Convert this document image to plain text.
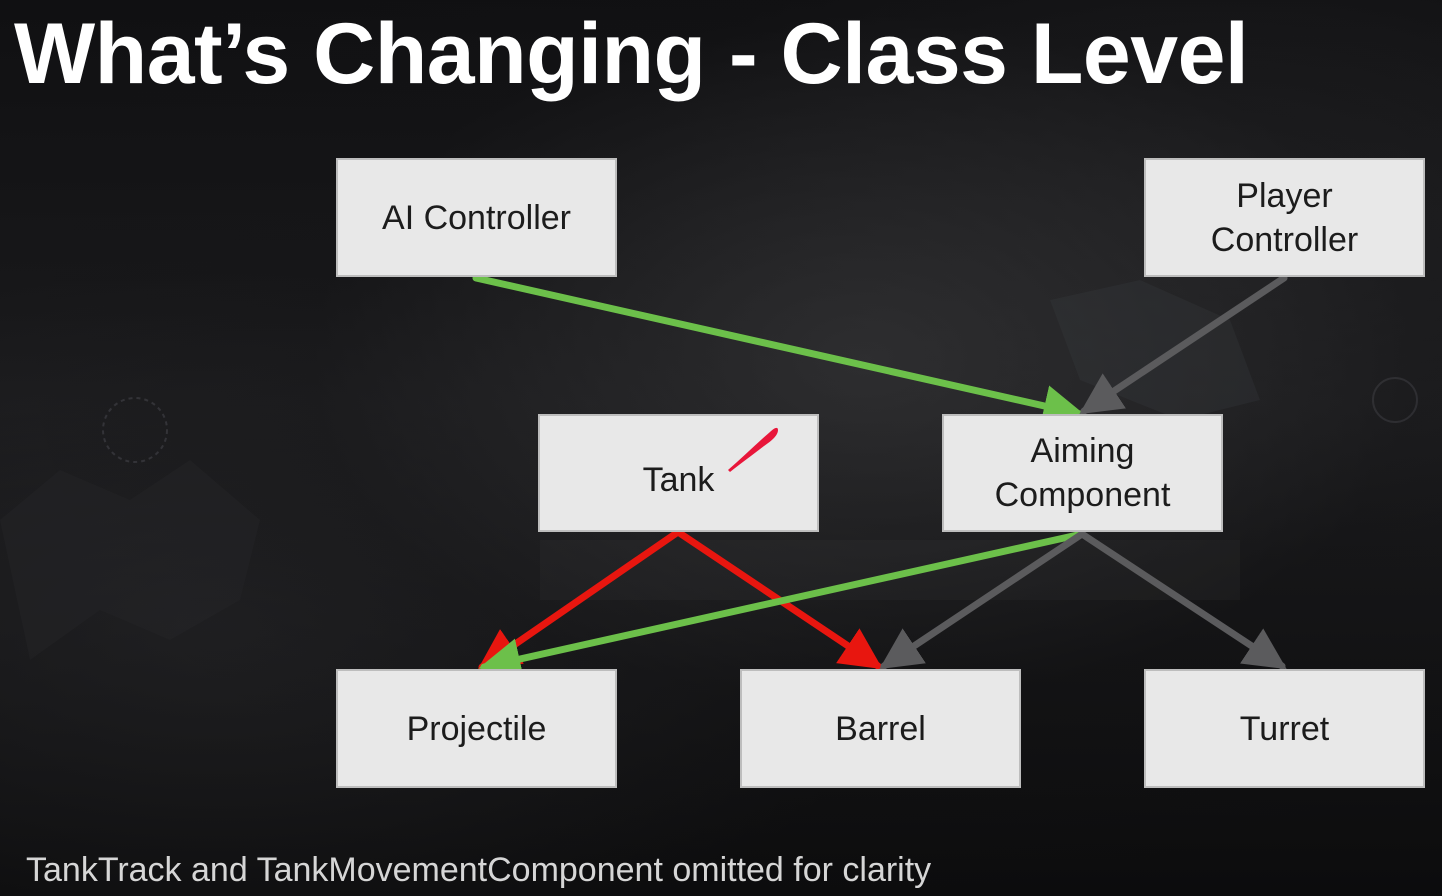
What’s Changing - Class Level
AI Controller
Player
Controller
Tank
Aiming
Component
Projectile	Barrel	Turret

TankTrack and TankMovementComponent omitted for clarity
